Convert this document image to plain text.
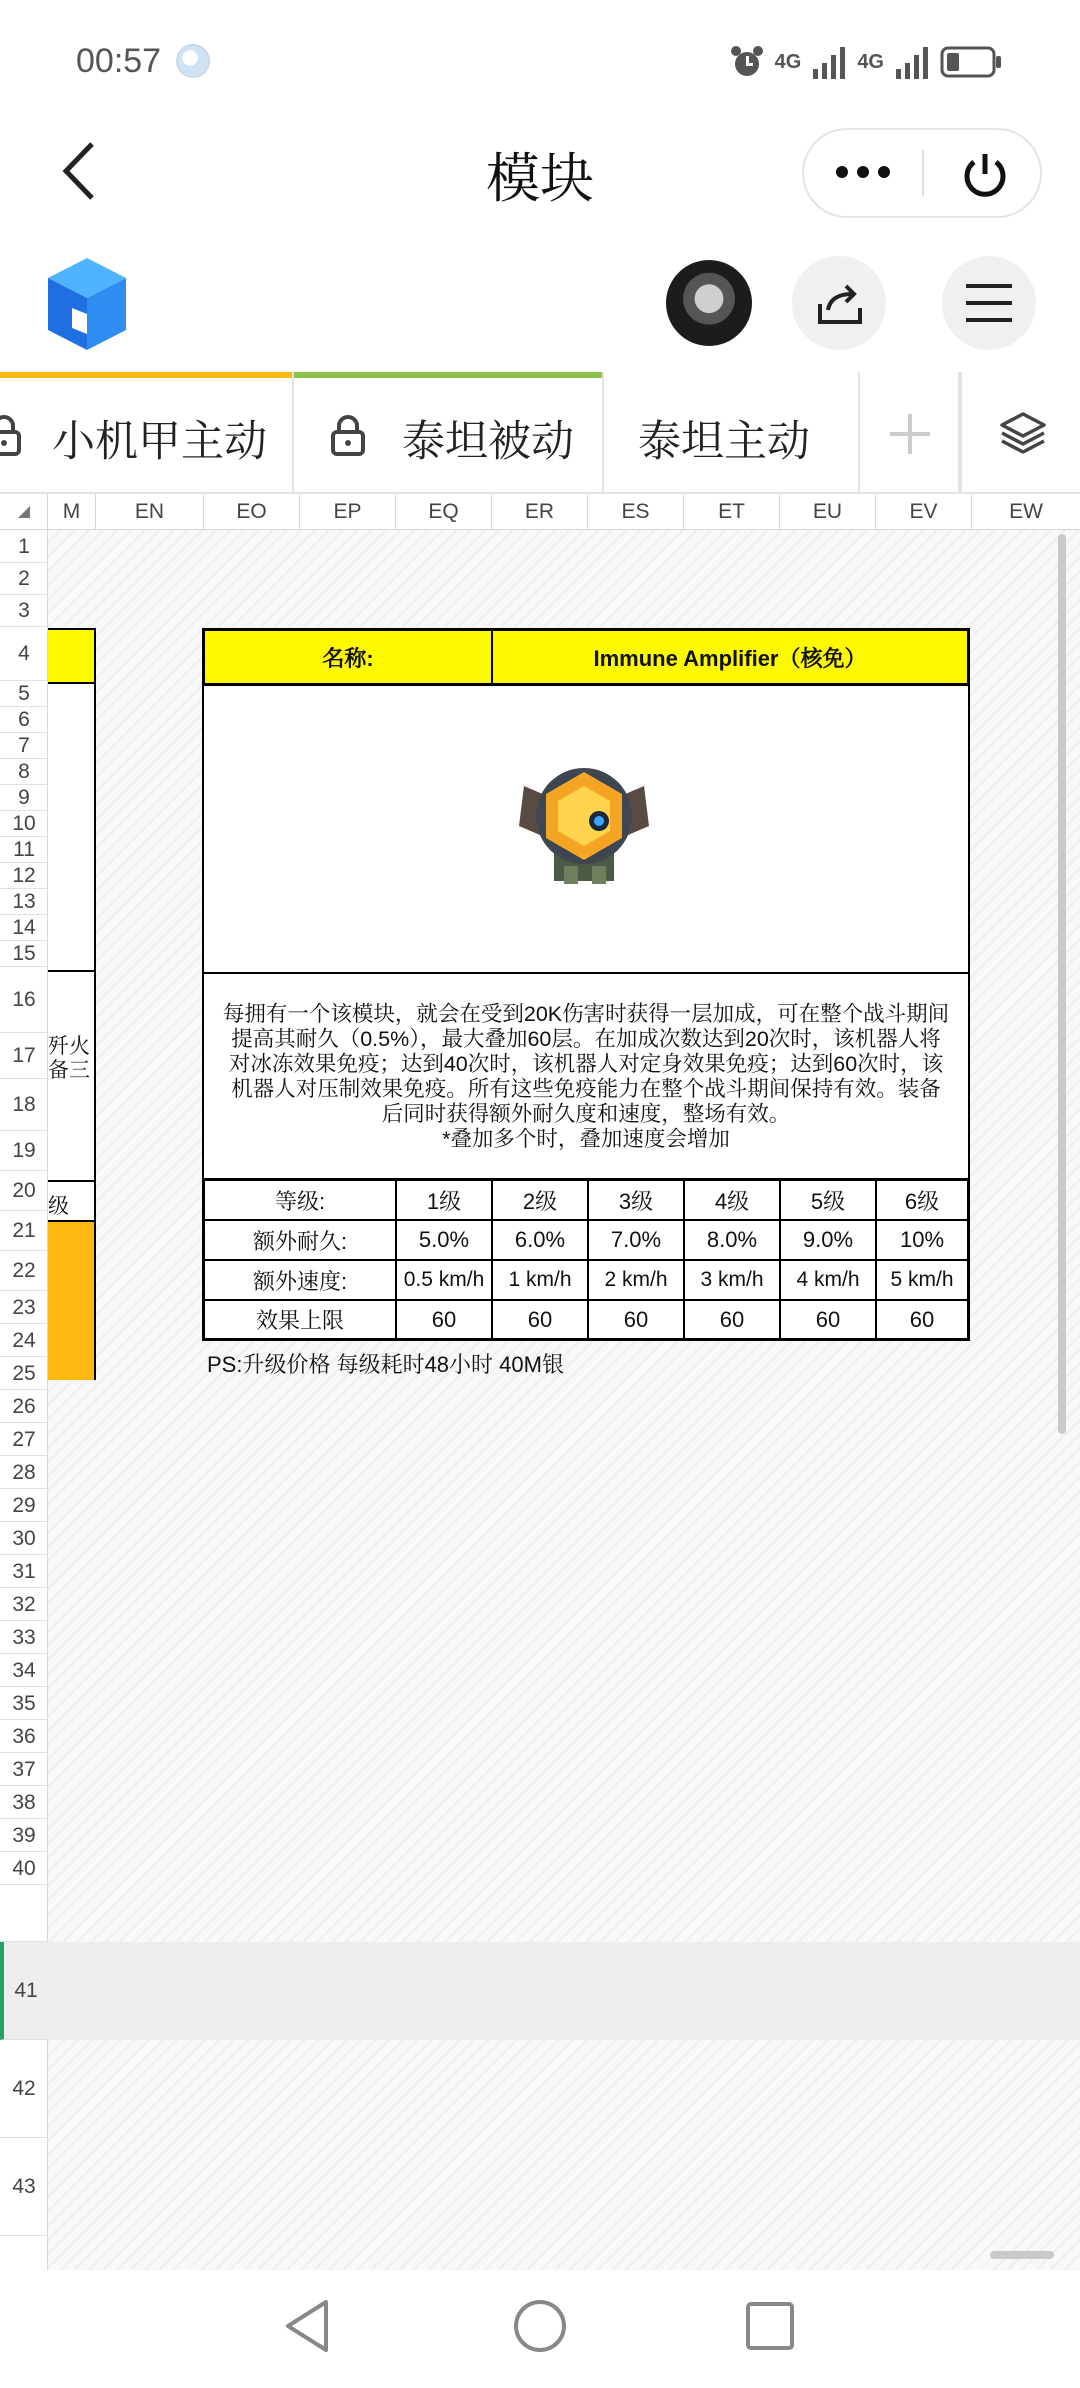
00:57	4G	4G
模块
小机甲主动	泰坦被动 泰坦主动
M	EN	EO	EP	EQ	ER	ES	ET	EU	EV	EW
歼火
备三
级
1
2
3
4
5
6
7
8
9
10
11
12
13
14
15
16
17
18
19
20
21
22
23
24
25
26
27
28
29
30
31
32
33
34
35
36
37
38
39
40
41
42
43
名称:	Immune Amplifier（核免）
每拥有一个该模块，就会在受到20K伤害时获得一层加成，可在整个战斗期间
提高其耐久（0.5%），最大叠加60层。在加成次数达到20次时，该机器人将
对冰冻效果免疫；达到40次时，该机器人对定身效果免疫；达到60次时，该
机器人对压制效果免疫。所有这些免疫能力在整个战斗期间保持有效。装备
后同时获得额外耐久度和速度，整场有效。
*叠加多个时，叠加速度会增加
等级:	1级	2级	3级	4级	5级	6级
额外耐久:	5.0%	6.0%	7.0%	8.0%	9.0%	10%
额外速度:	0.5 km/h	1 km/h	2 km/h	3 km/h	4 km/h	5 km/h
效果上限	60	60	60	60	60	60
PS:升级价格 每级耗时48小时 40M银
